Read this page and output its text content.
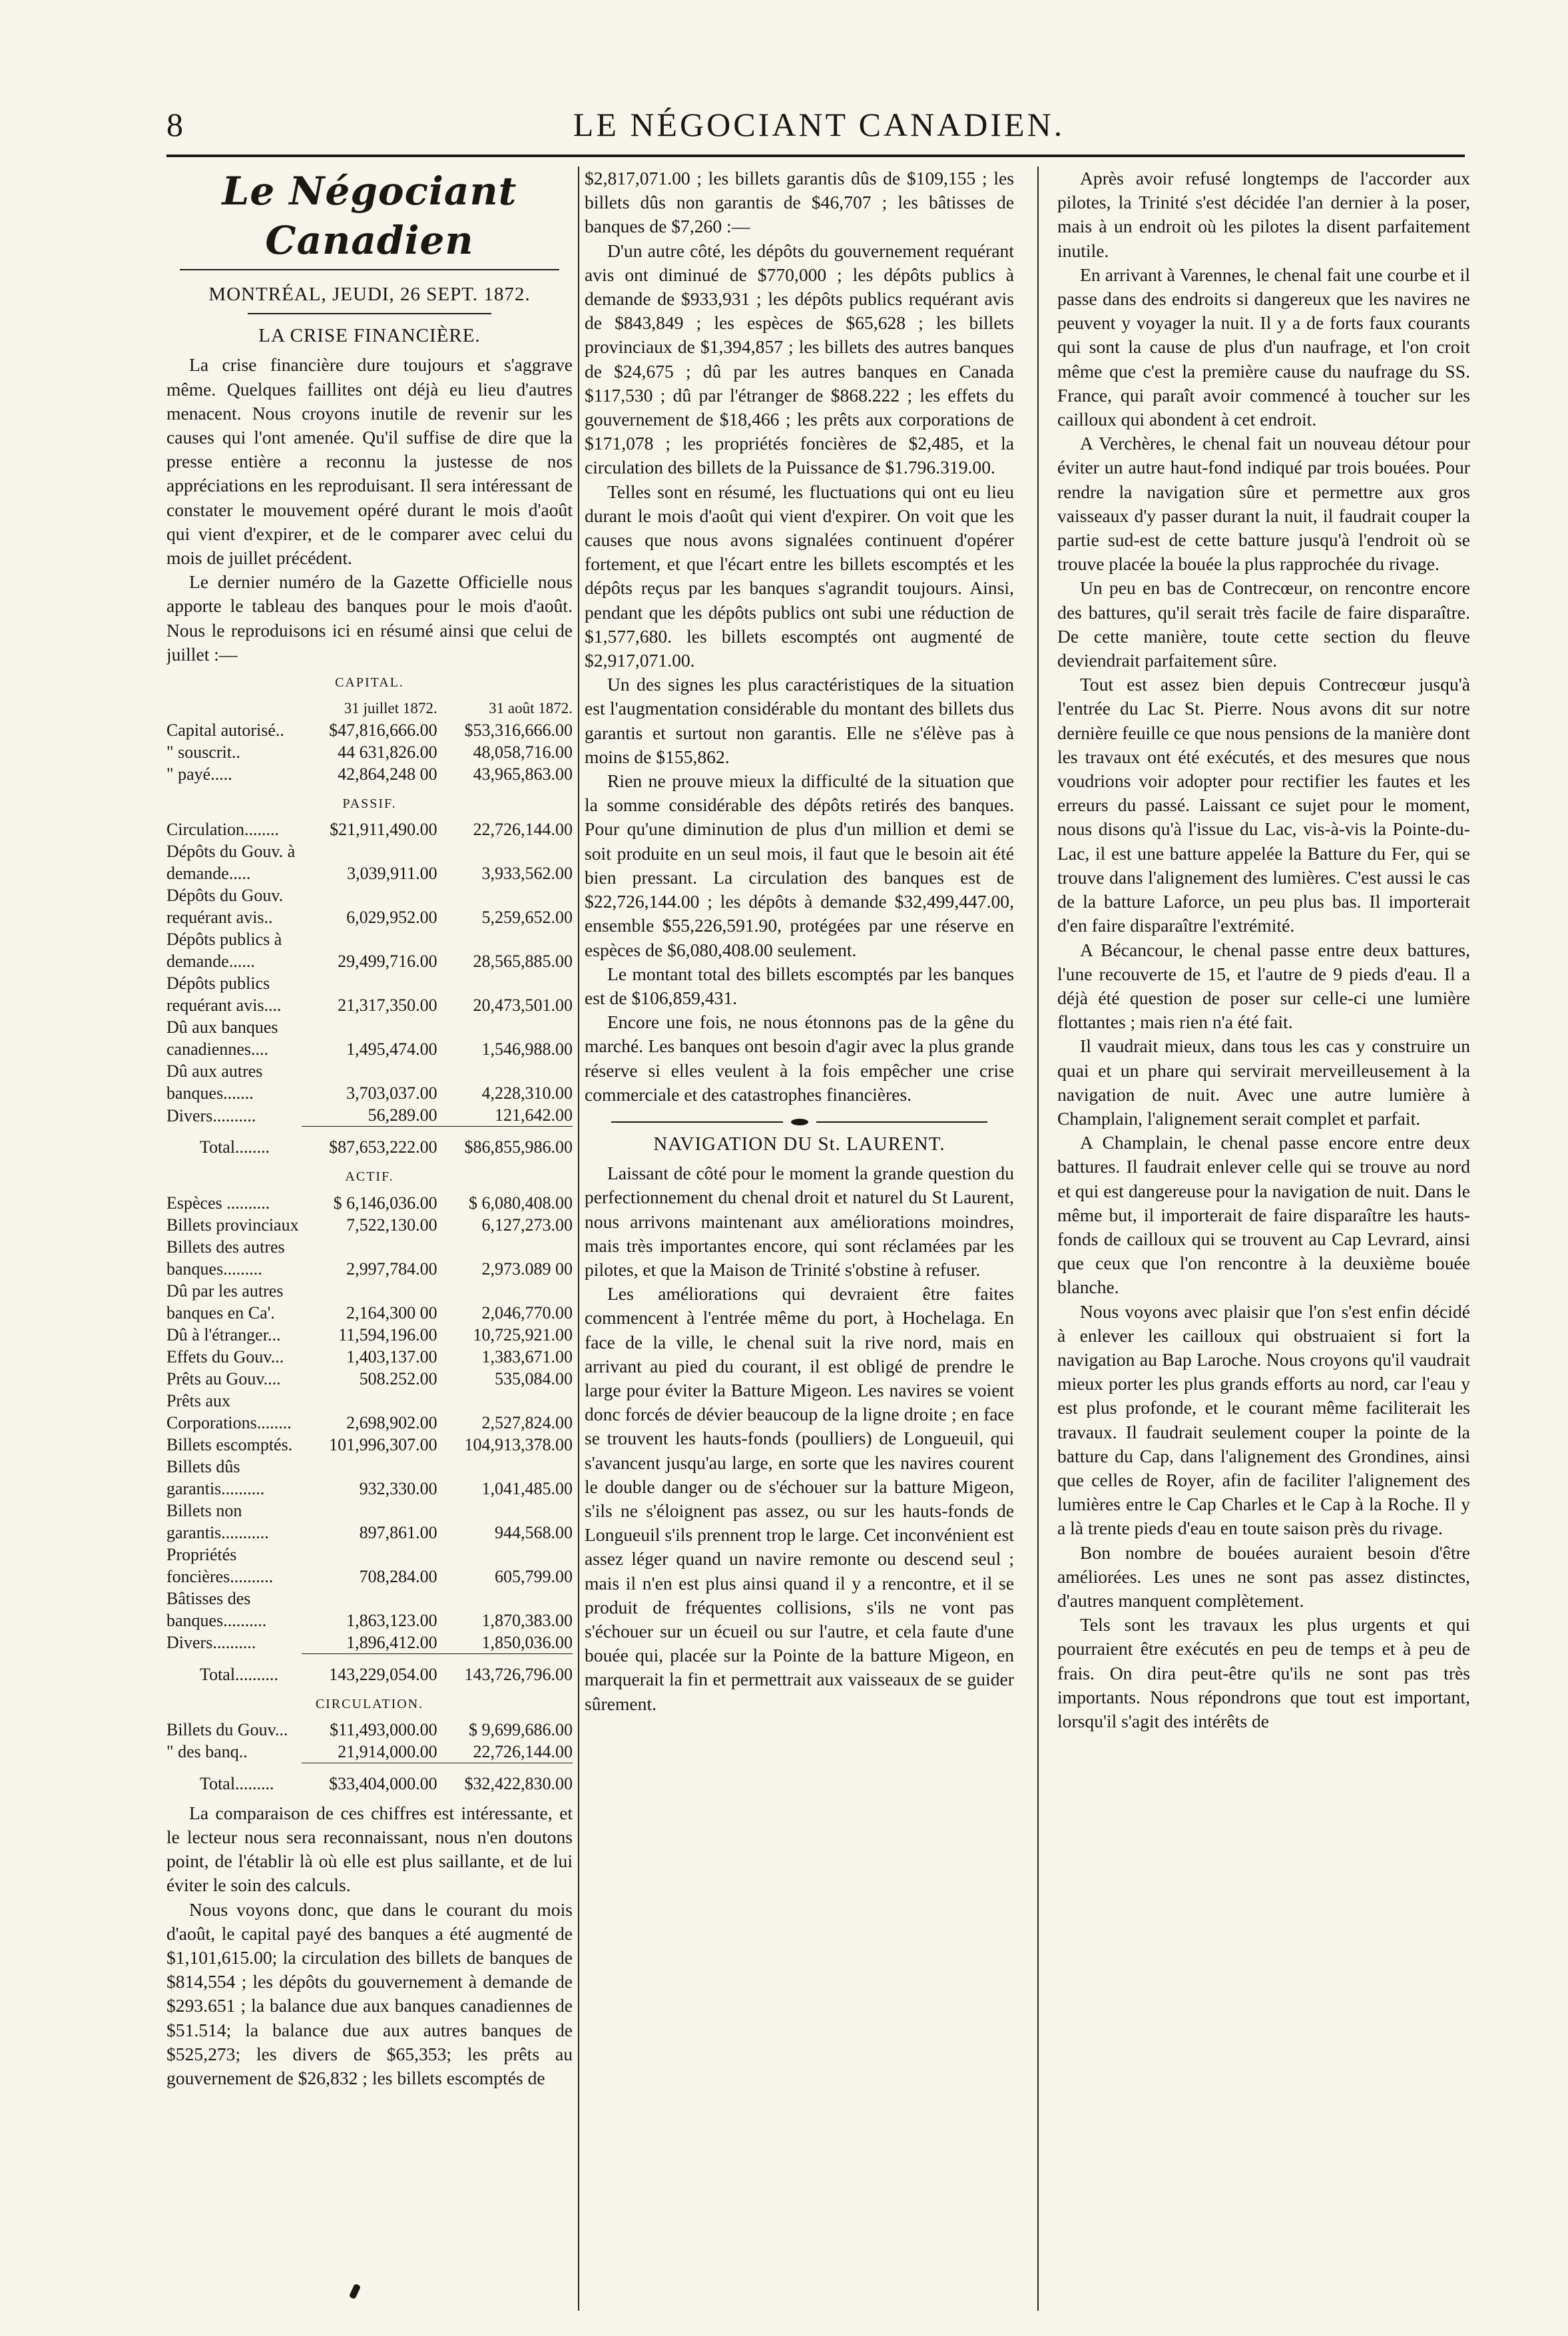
8	LE NÉGOCIANT CANADIEN.
Le Négociant Canadien
MONTRÉAL, JEUDI, 26 SEPT. 1872.
LA CRISE FINANCIÈRE.

La crise financière dure toujours et s'aggrave même. Quelques faillites ont déjà eu lieu d'autres menacent. Nous croyons inutile de revenir sur les causes qui l'ont amenée. Qu'il suffise de dire que la presse entière a reconnu la justesse de nos appréciations en les reproduisant. Il sera intéressant de constater le mouvement opéré durant le mois d'août qui vient d'expirer, et de le comparer avec celui du mois de juillet précédent.

Le dernier numéro de la Gazette Officielle nous apporte le tableau des banques pour le mois d'août. Nous le reproduisons ici en résumé ainsi que celui de juillet :—

CAPITAL.
	31 juillet 1872.	31 août 1872.
Capital autorisé..	$47,816,666.00	$53,316,666.00
" souscrit..	44 631,826.00	48,058,716.00
" payé.....	42,864,248 00	43,965,863.00
PASSIF.
Circulation........	$21,911,490.00	22,726,144.00
Dépôts du Gouv. à demande.....	3,039,911.00	3,933,562.00
Dépôts du Gouv. requérant avis..	6,029,952.00	5,259,652.00
Dépôts publics à demande......	29,499,716.00	28,565,885.00
Dépôts publics requérant avis....	21,317,350.00	20,473,501.00
Dû aux banques canadiennes....	1,495,474.00	1,546,988.00
Dû aux autres banques.......	3,703,037.00	4,228,310.00
Divers..........	56,289.00	121,642.00
Total........	$87,653,222.00	$86,855,986.00
ACTIF.
Espèces ..........	$ 6,146,036.00	$ 6,080,408.00
Billets provinciaux	7,522,130.00	6,127,273.00
Billets des autres banques.........	2,997,784.00	2,973.089 00
Dû par les autres banques en Ca'.	2,164,300 00	2,046,770.00
Dû à l'étranger...	11,594,196.00	10,725,921.00
Effets du Gouv...	1,403,137.00	1,383,671.00
Prêts au Gouv....	508.252.00	535,084.00
Prêts aux Corporations........	2,698,902.00	2,527,824.00
Billets escomptés.	101,996,307.00	104,913,378.00
Billets dûs garantis..........	932,330.00	1,041,485.00
Billets non garantis...........	897,861.00	944,568.00
Propriétés foncières..........	708,284.00	605,799.00
Bâtisses des banques..........	1,863,123.00	1,870,383.00
Divers..........	1,896,412.00	1,850,036.00
Total..........	143,229,054.00	143,726,796.00
CIRCULATION.
Billets du Gouv...	$11,493,000.00	$ 9,699,686.00
" des banq..	21,914,000.00	22,726,144.00
Total.........	$33,404,000.00	$32,422,830.00

La comparaison de ces chiffres est intéressante, et le lecteur nous sera reconnaissant, nous n'en doutons point, de l'établir là où elle est plus saillante, et de lui éviter le soin des calculs.

Nous voyons donc, que dans le courant du mois d'août, le capital payé des banques a été augmenté de $1,101,615.00; la circulation des billets de banques de $814,554 ; les dépôts du gouvernement à demande de $293.651 ; la balance due aux banques canadiennes de $51.514; la balance due aux autres banques de $525,273; les divers de $65,353; les prêts au gouvernement de $26,832 ; les billets escomptés de

$2,817,071.00 ; les billets garantis dûs de $109,155 ; les billets dûs non garantis de $46,707 ; les bâtisses de banques de $7,260 :—

D'un autre côté, les dépôts du gouvernement requérant avis ont diminué de $770,000 ; les dépôts publics à demande de $933,931 ; les dépôts publics requérant avis de $843,849 ; les espèces de $65,628 ; les billets provinciaux de $1,394,857 ; les billets des autres banques de $24,675 ; dû par les autres banques en Canada $117,530 ; dû par l'étranger de $868.222 ; les effets du gouvernement de $18,466 ; les prêts aux corporations de $171,078 ; les propriétés foncières de $2,485, et la circulation des billets de la Puissance de $1.796.319.00.

Telles sont en résumé, les fluctuations qui ont eu lieu durant le mois d'août qui vient d'expirer. On voit que les causes que nous avons signalées continuent d'opérer fortement, et que l'écart entre les billets escomptés et les dépôts reçus par les banques s'agrandit toujours. Ainsi, pendant que les dépôts publics ont subi une réduction de $1,577,680. les billets escomptés ont augmenté de $2,917,071.00.

Un des signes les plus caractéristiques de la situation est l'augmentation considérable du montant des billets dus garantis et surtout non garantis. Elle ne s'élève pas à moins de $155,862.

Rien ne prouve mieux la difficulté de la situation que la somme considérable des dépôts retirés des banques. Pour qu'une diminution de plus d'un million et demi se soit produite en un seul mois, il faut que le besoin ait été bien pressant. La circulation des banques est de $22,726,144.00 ; les dépôts à demande $32,499,447.00, ensemble $55,226,591.90, protégées par une réserve en espèces de $6,080,408.00 seulement.

Le montant total des billets escomptés par les banques est de $106,859,431.

Encore une fois, ne nous étonnons pas de la gêne du marché. Les banques ont besoin d'agir avec la plus grande réserve si elles veulent à la fois empêcher une crise commerciale et des catastrophes financières.

NAVIGATION DU St. LAURENT.

Laissant de côté pour le moment la grande question du perfectionnement du chenal droit et naturel du St Laurent, nous arrivons maintenant aux améliorations moindres, mais très importantes encore, qui sont réclamées par les pilotes, et que la Maison de Trinité s'obstine à refuser.

Les améliorations qui devraient être faites commencent à l'entrée même du port, à Hochelaga. En face de la ville, le chenal suit la rive nord, mais en arrivant au pied du courant, il est obligé de prendre le large pour éviter la Batture Migeon. Les navires se voient donc forcés de dévier beaucoup de la ligne droite ; en face se trouvent les hauts-fonds (poulliers) de Longueuil, qui s'avancent jusqu'au large, en sorte que les navires courent le double danger ou de s'échouer sur la batture Migeon, s'ils ne s'éloignent pas assez, ou sur les hauts-fonds de Longueuil s'ils prennent trop le large. Cet inconvénient est assez léger quand un navire remonte ou descend seul ; mais il n'en est plus ainsi quand il y a rencontre, et il se produit de fréquentes collisions, s'ils ne vont pas s'échouer sur un écueil ou sur l'autre, et cela faute d'une bouée qui, placée sur la Pointe de la batture Migeon, en marquerait la fin et permettrait aux vaisseaux de se guider sûrement.

Après avoir refusé longtemps de l'accorder aux pilotes, la Trinité s'est décidée l'an dernier à la poser, mais à un endroit où les pilotes la disent parfaitement inutile.

En arrivant à Varennes, le chenal fait une courbe et il passe dans des endroits si dangereux que les navires ne peuvent y voyager la nuit. Il y a de forts faux courants qui sont la cause de plus d'un naufrage, et l'on croit même que c'est la première cause du naufrage du SS. France, qui paraît avoir commencé à toucher sur les cailloux qui abondent à cet endroit.

A Verchères, le chenal fait un nouveau détour pour éviter un autre haut-fond indiqué par trois bouées. Pour rendre la navigation sûre et permettre aux gros vaisseaux d'y passer durant la nuit, il faudrait couper la partie sud-est de cette batture jusqu'à l'endroit où se trouve placée la bouée la plus rapprochée du rivage.

Un peu en bas de Contrecœur, on rencontre encore des battures, qu'il serait très facile de faire disparaître. De cette manière, toute cette section du fleuve deviendrait parfaitement sûre.

Tout est assez bien depuis Contrecœur jusqu'à l'entrée du Lac St. Pierre. Nous avons dit sur notre dernière feuille ce que nous pensions de la manière dont les travaux ont été exécutés, et des mesures que nous voudrions voir adopter pour rectifier les fautes et les erreurs du passé. Laissant ce sujet pour le moment, nous disons qu'à l'issue du Lac, vis-à-vis la Pointe-du-Lac, il est une batture appelée la Batture du Fer, qui se trouve dans l'alignement des lumières. C'est aussi le cas de la batture Laforce, un peu plus bas. Il importerait d'en faire disparaître l'extrémité.

A Bécancour, le chenal passe entre deux battures, l'une recouverte de 15, et l'autre de 9 pieds d'eau. Il a déjà été question de poser sur celle-ci une lumière flottantes ; mais rien n'a été fait.

Il vaudrait mieux, dans tous les cas y construire un quai et un phare qui servirait merveilleusement à la navigation de nuit. Avec une autre lumière à Champlain, l'alignement serait complet et parfait.

A Champlain, le chenal passe encore entre deux battures. Il faudrait enlever celle qui se trouve au nord et qui est dangereuse pour la navigation de nuit. Dans le même but, il importerait de faire disparaître les hauts-fonds de cailloux qui se trouvent au Cap Levrard, ainsi que ceux que l'on rencontre à la deuxième bouée blanche.

Nous voyons avec plaisir que l'on s'est enfin décidé à enlever les cailloux qui obstruaient si fort la navigation au Bap Laroche. Nous croyons qu'il vaudrait mieux porter les plus grands efforts au nord, car l'eau y est plus profonde, et le courant même faciliterait les travaux. Il faudrait seulement couper la pointe de la batture du Cap, dans l'alignement des Grondines, ainsi que celles de Royer, afin de faciliter l'alignement des lumières entre le Cap Charles et le Cap à la Roche. Il y a là trente pieds d'eau en toute saison près du rivage.

Bon nombre de bouées auraient besoin d'être améliorées. Les unes ne sont pas assez distinctes, d'autres manquent complètement.

Tels sont les travaux les plus urgents et qui pourraient être exécutés en peu de temps et à peu de frais. On dira peut-être qu'ils ne sont pas très importants. Nous répondrons que tout est important, lorsqu'il s'agit des intérêts de
